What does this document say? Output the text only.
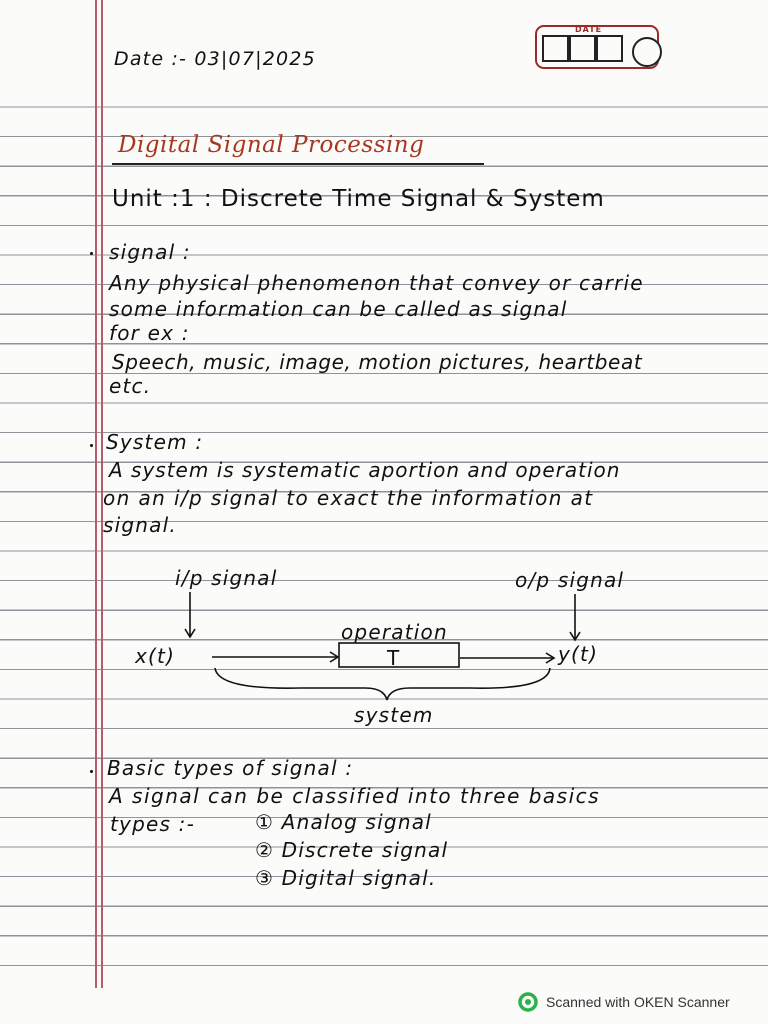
DATE
Date :- 03|07|2025
Digital Signal Processing
Unit :1 : Discrete Time Signal & System
signal :
Any physical phenomenon that convey or carrie
some information can be called as signal
for ex :
Speech, music, image, motion pictures, heartbeat
etc.
System :
A system is systematic aportion and operation
on an i/p signal to exact the information at
signal.
i/p signal	o/p signal
x(t)	y(t)
operation
T
system
Basic types of signal :
A signal can be classified into three basics
types :-	① Analog signal
② Discrete signal
③ Digital signal.
Scanned with OKEN Scanner
